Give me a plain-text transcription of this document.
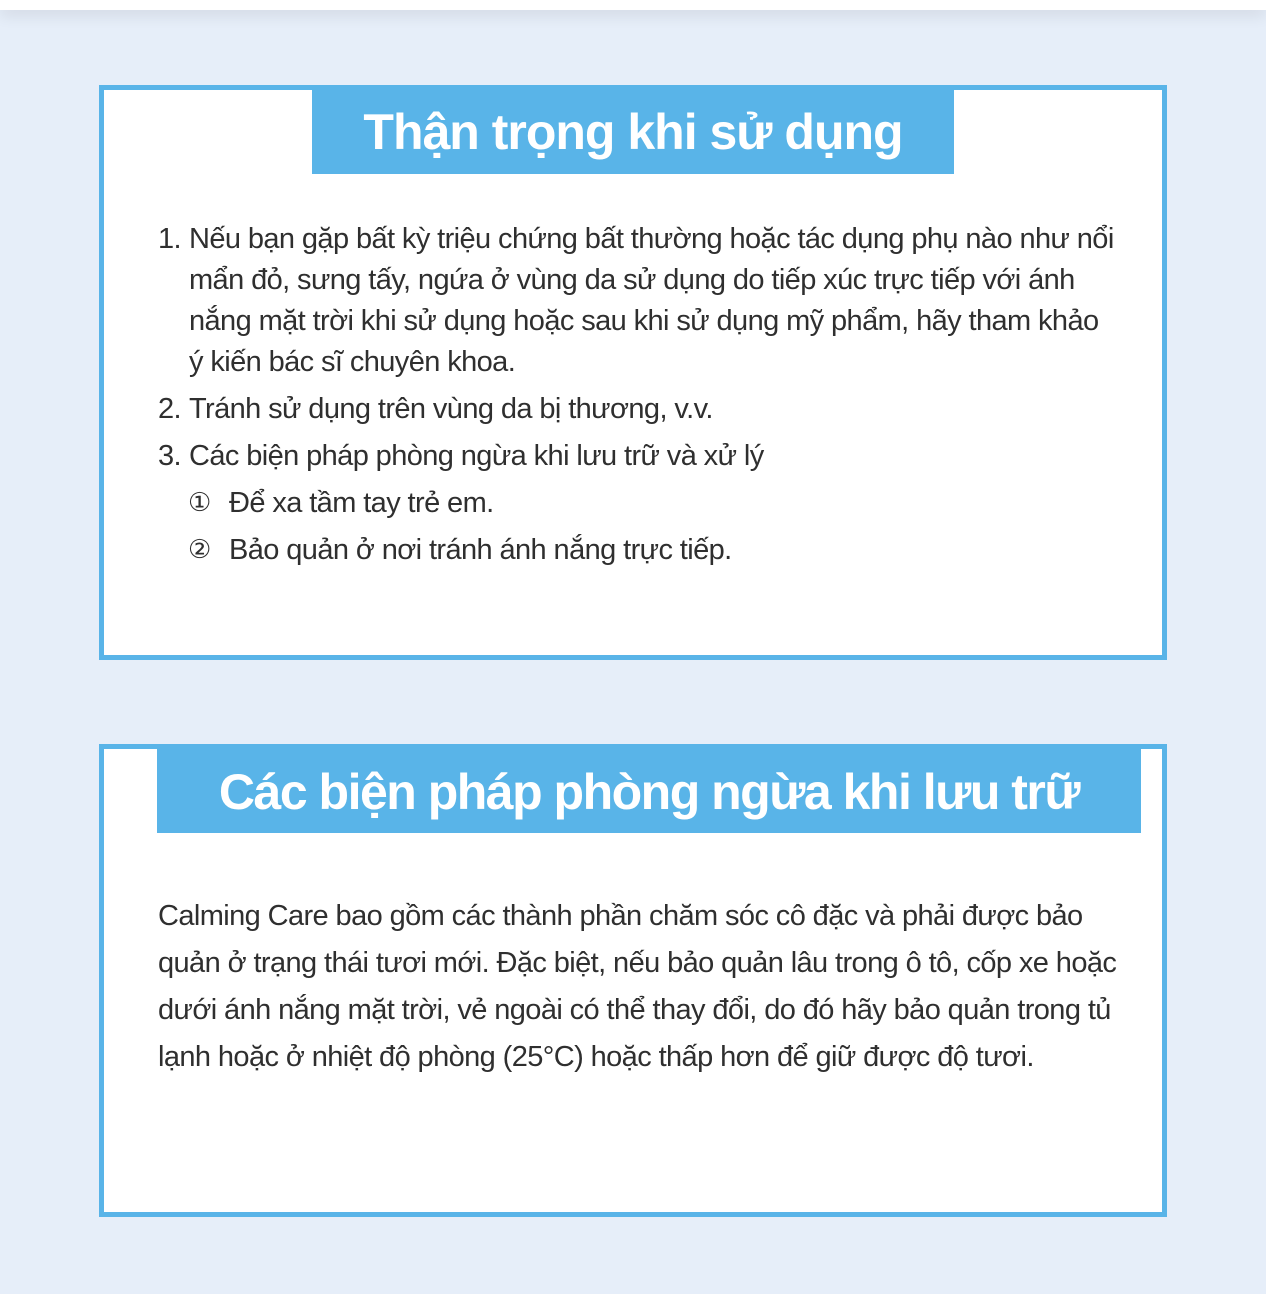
Thận trọng khi sử dụng
1. Nếu bạn gặp bất kỳ triệu chứng bất thường hoặc tác dụng phụ nào như nổi mẩn đỏ, sưng tấy, ngứa ở vùng da sử dụng do tiếp xúc trực tiếp với ánh nắng mặt trời khi sử dụng hoặc sau khi sử dụng mỹ phẩm, hãy tham khảo ý kiến bác sĩ chuyên khoa.
2. Tránh sử dụng trên vùng da bị thương, v.v.
3. Các biện pháp phòng ngừa khi lưu trữ và xử lý
① Để xa tầm tay trẻ em.
② Bảo quản ở nơi tránh ánh nắng trực tiếp.
Các biện pháp phòng ngừa khi lưu trữ
Calming Care bao gồm các thành phần chăm sóc cô đặc và phải được bảo quản ở trạng thái tươi mới. Đặc biệt, nếu bảo quản lâu trong ô tô, cốp xe hoặc dưới ánh nắng mặt trời, vẻ ngoài có thể thay đổi, do đó hãy bảo quản trong tủ lạnh hoặc ở nhiệt độ phòng (25°C) hoặc thấp hơn để giữ được độ tươi.
